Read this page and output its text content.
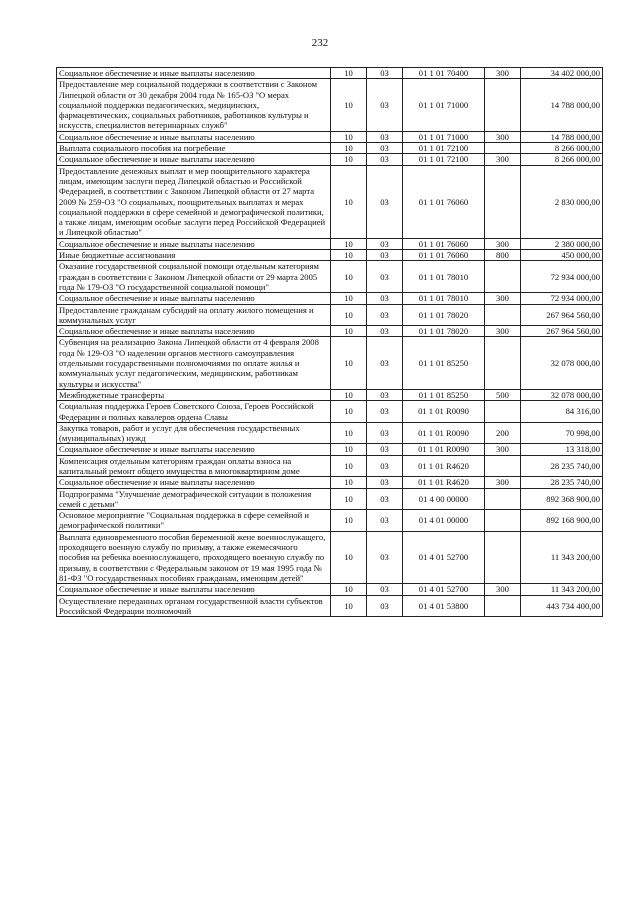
232
Социальное обеспечение и иные выплаты населению	10	03	01 1 01 70400	300	34 402 000,00
Предоставление мер социальной поддержки в соответствии с Законом Липецкой области от 30 декабря 2004 года № 165-ОЗ "О мерах социальной поддержки педагогических, медицинских, фармацевтических, социальных работников, работников культуры и искусств, специалистов ветеринарных служб"	10	03	01 1 01 71000		14 788 000,00
Социальное обеспечение и иные выплаты населению	10	03	01 1 01 71000	300	14 788 000,00
Выплата социального пособия на погребение	10	03	01 1 01 72100		8 266 000,00
Социальное обеспечение и иные выплаты населению	10	03	01 1 01 72100	300	8 266 000,00
Предоставление денежных выплат и мер поощрительного характера лицам, имеющим заслуги перед Липецкой областью и Российской Федерацией, в соответствии с Законом Липецкой области от 27 марта 2009 № 259-ОЗ "О социальных, поощрительных выплатах и мерах социальной поддержки в сфере семейной и демографической политики, а также лицам, имеющим особые заслуги перед Российской Федерацией и Липецкой областью"	10	03	01 1 01 76060		2 830 000,00
Социальное обеспечение и иные выплаты населению	10	03	01 1 01 76060	300	2 380 000,00
Иные бюджетные ассигнования	10	03	01 1 01 76060	800	450 000,00
Оказание государственной социальной помощи отдельным категориям граждан в соответствии с Законом Липецкой области от 29 марта 2005 года № 179-ОЗ "О государственной социальной помощи"	10	03	01 1 01 78010		72 934 000,00
Социальное обеспечение и иные выплаты населению	10	03	01 1 01 78010	300	72 934 000,00
Предоставление гражданам субсидий на оплату жилого помещения и коммунальных услуг	10	03	01 1 01 78020		267 964 560,00
Социальное обеспечение и иные выплаты населению	10	03	01 1 01 78020	300	267 964 560,00
Субвенция на реализацию Закона Липецкой области от 4 февраля 2008 года № 129-ОЗ "О наделении органов местного самоуправления отдельными государственными полномочиями по оплате жилья и коммунальных услуг педагогическим, медицинским, работникам культуры и искусства"	10	03	01 1 01 85250		32 078 000,00
Межбюджетные трансферты	10	03	01 1 01 85250	500	32 078 000,00
Социальная поддержка Героев Советского Союза, Героев Российской Федерации и полных кавалеров ордена Славы	10	03	01 1 01 R0090		84 316,00
Закупка товаров, работ и услуг для обеспечения государственных (муниципальных) нужд	10	03	01 1 01 R0090	200	70 998,00
Социальное обеспечение и иные выплаты населению	10	03	01 1 01 R0090	300	13 318,00
Компенсация отдельным категориям граждан оплаты взноса на капитальный ремонт общего имущества в многоквартирном доме	10	03	01 1 01 R4620		28 235 740,00
Социальное обеспечение и иные выплаты населению	10	03	01 1 01 R4620	300	28 235 740,00
Подпрограмма "Улучшение демографической ситуации в положения семей с детьми"	10	03	01 4 00 00000		892 368 900,00
Основное мероприятие "Социальная поддержка в сфере семейной и демографической политики"	10	03	01 4 01 00000		892 168 900,00
Выплата единовременного пособия беременной жене военнослужащего, проходящего военную службу по призыву, а также ежемесячного пособия на ребенка военнослужащего, проходящего военную службу по призыву, в соответствии с Федеральным законом от 19 мая 1995 года № 81-ФЗ "О государственных пособиях гражданам, имеющим детей"	10	03	01 4 01 52700		11 343 200,00
Социальное обеспечение и иные выплаты населению	10	03	01 4 01 52700	300	11 343 200,00
Осуществление переданных органам государственной власти субъектов Российской Федерации полномочий	10	03	01 4 01 53800		443 734 400,00
